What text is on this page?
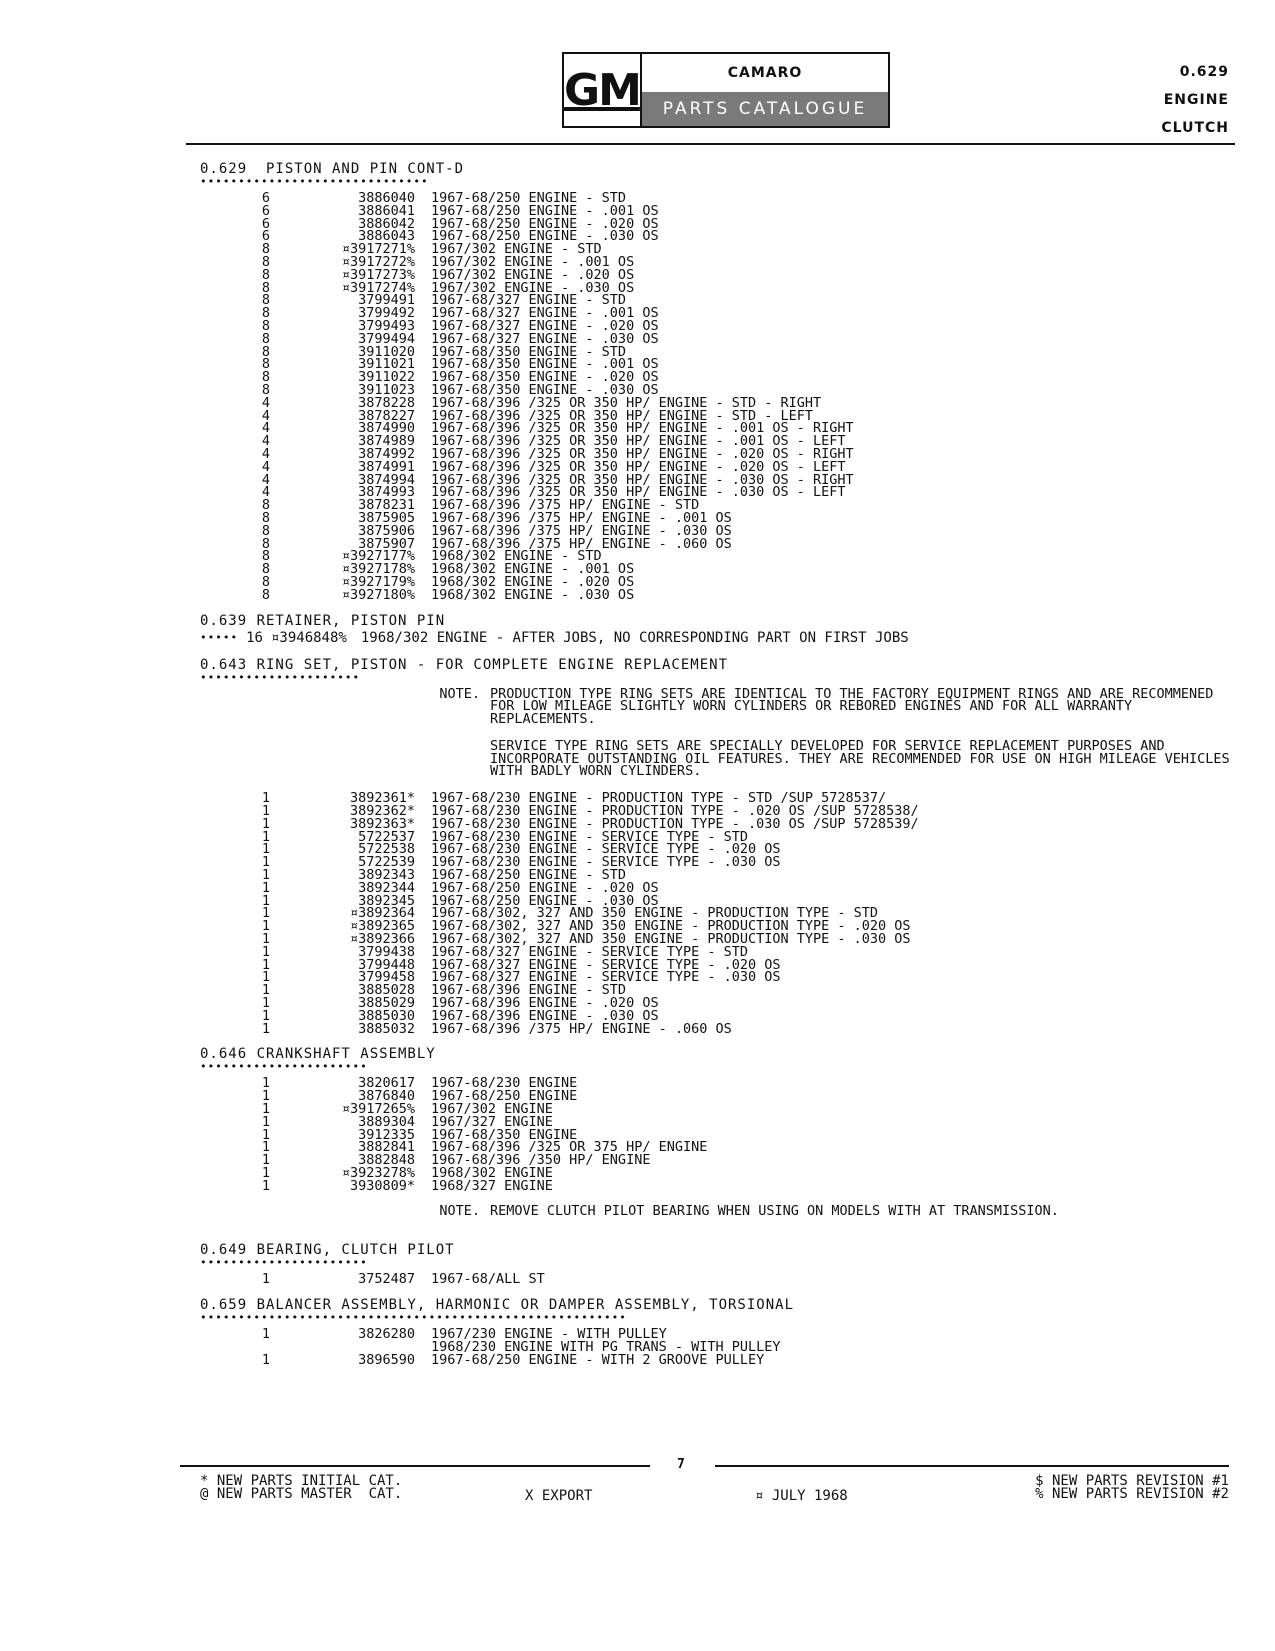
GM	CAMARO
PARTS CATALOGUE
0.629
ENGINE
CLUTCH
0.629  PISTON AND PIN CONT-D
••••••••••••••••••••••••••••••
6	3886040	1967-68/250 ENGINE - STD
6	3886041	1967-68/250 ENGINE - .001 OS
6	3886042	1967-68/250 ENGINE - .020 OS
6	3886043	1967-68/250 ENGINE - .030 OS
8	¤3917271%	1967/302 ENGINE - STD
8	¤3917272%	1967/302 ENGINE - .001 OS
8	¤3917273%	1967/302 ENGINE - .020 OS
8	¤3917274%	1967/302 ENGINE - .030 OS
8	3799491	1967-68/327 ENGINE - STD
8	3799492	1967-68/327 ENGINE - .001 OS
8	3799493	1967-68/327 ENGINE - .020 OS
8	3799494	1967-68/327 ENGINE - .030 OS
8	3911020	1967-68/350 ENGINE - STD
8	3911021	1967-68/350 ENGINE - .001 OS
8	3911022	1967-68/350 ENGINE - .020 OS
8	3911023	1967-68/350 ENGINE - .030 OS
4	3878228	1967-68/396 /325 OR 350 HP/ ENGINE - STD - RIGHT
4	3878227	1967-68/396 /325 OR 350 HP/ ENGINE - STD - LEFT
4	3874990	1967-68/396 /325 OR 350 HP/ ENGINE - .001 OS - RIGHT
4	3874989	1967-68/396 /325 OR 350 HP/ ENGINE - .001 OS - LEFT
4	3874992	1967-68/396 /325 OR 350 HP/ ENGINE - .020 OS - RIGHT
4	3874991	1967-68/396 /325 OR 350 HP/ ENGINE - .020 OS - LEFT
4	3874994	1967-68/396 /325 OR 350 HP/ ENGINE - .030 OS - RIGHT
4	3874993	1967-68/396 /325 OR 350 HP/ ENGINE - .030 OS - LEFT
8	3878231	1967-68/396 /375 HP/ ENGINE - STD
8	3875905	1967-68/396 /375 HP/ ENGINE - .001 OS
8	3875906	1967-68/396 /375 HP/ ENGINE - .030 OS
8	3875907	1967-68/396 /375 HP/ ENGINE - .060 OS
8	¤3927177%	1968/302 ENGINE - STD
8	¤3927178%	1968/302 ENGINE - .001 OS
8	¤3927179%	1968/302 ENGINE - .020 OS
8	¤3927180%	1968/302 ENGINE - .030 OS
0.639 RETAINER, PISTON PIN
••••• 16 ¤3946848%	1968/302 ENGINE - AFTER JOBS, NO CORRESPONDING PART ON FIRST JOBS
0.643 RING SET, PISTON - FOR COMPLETE ENGINE REPLACEMENT
•••••••••••••••••••••
NOTE. PRODUCTION TYPE RING SETS ARE IDENTICAL TO THE FACTORY EQUIPMENT RINGS AND ARE RECOMMENED FOR LOW MILEAGE SLIGHTLY WORN CYLINDERS OR REBORED ENGINES AND FOR ALL WARRANTY REPLACEMENTS.

SERVICE TYPE RING SETS ARE SPECIALLY DEVELOPED FOR SERVICE REPLACEMENT PURPOSES AND INCORPORATE OUTSTANDING OIL FEATURES. THEY ARE RECOMMENDED FOR USE ON HIGH MILEAGE VEHICLES WITH BADLY WORN CYLINDERS.

1	3892361*	1967-68/230 ENGINE - PRODUCTION TYPE - STD /SUP 5728537/
1	3892362*	1967-68/230 ENGINE - PRODUCTION TYPE - .020 OS /SUP 5728538/
1	3892363*	1967-68/230 ENGINE - PRODUCTION TYPE - .030 OS /SUP 5728539/
1	5722537	1967-68/230 ENGINE - SERVICE TYPE - STD
1	5722538	1967-68/230 ENGINE - SERVICE TYPE - .020 OS
1	5722539	1967-68/230 ENGINE - SERVICE TYPE - .030 OS
1	3892343	1967-68/250 ENGINE - STD
1	3892344	1967-68/250 ENGINE - .020 OS
1	3892345	1967-68/250 ENGINE - .030 OS
1	¤3892364	1967-68/302, 327 AND 350 ENGINE - PRODUCTION TYPE - STD
1	¤3892365	1967-68/302, 327 AND 350 ENGINE - PRODUCTION TYPE - .020 OS
1	¤3892366	1967-68/302, 327 AND 350 ENGINE - PRODUCTION TYPE - .030 OS
1	3799438	1967-68/327 ENGINE - SERVICE TYPE - STD
1	3799448	1967-68/327 ENGINE - SERVICE TYPE - .020 OS
1	3799458	1967-68/327 ENGINE - SERVICE TYPE - .030 OS
1	3885028	1967-68/396 ENGINE - STD
1	3885029	1967-68/396 ENGINE - .020 OS
1	3885030	1967-68/396 ENGINE - .030 OS
1	3885032	1967-68/396 /375 HP/ ENGINE - .060 OS
0.646 CRANKSHAFT ASSEMBLY
••••••••••••••••••••••
1	3820617	1967-68/230 ENGINE
1	3876840	1967-68/250 ENGINE
1	¤3917265%	1967/302 ENGINE
1	3889304	1967/327 ENGINE
1	3912335	1967-68/350 ENGINE
1	3882841	1967-68/396 /325 OR 375 HP/ ENGINE
1	3882848	1967-68/396 /350 HP/ ENGINE
1	¤3923278%	1968/302 ENGINE
1	3930809*	1968/327 ENGINE
NOTE. REMOVE CLUTCH PILOT BEARING WHEN USING ON MODELS WITH AT TRANSMISSION.

0.649 BEARING, CLUTCH PILOT
••••••••••••••••••••••
1	3752487	1967-68/ALL ST
0.659 BALANCER ASSEMBLY, HARMONIC OR DAMPER ASSEMBLY, TORSIONAL
••••••••••••••••••••••••••••••••••••••••••••••••••••••••
1	3826280	1967/230 ENGINE - WITH PULLEY
1968/230 ENGINE WITH PG TRANS - WITH PULLEY
1	3896590	1967-68/250 ENGINE - WITH 2 GROOVE PULLEY
7
* NEW PARTS INITIAL CAT.
@ NEW PARTS MASTER  CAT.	X EXPORT	¤ JULY 1968
$ NEW PARTS REVISION #1
% NEW PARTS REVISION #2
